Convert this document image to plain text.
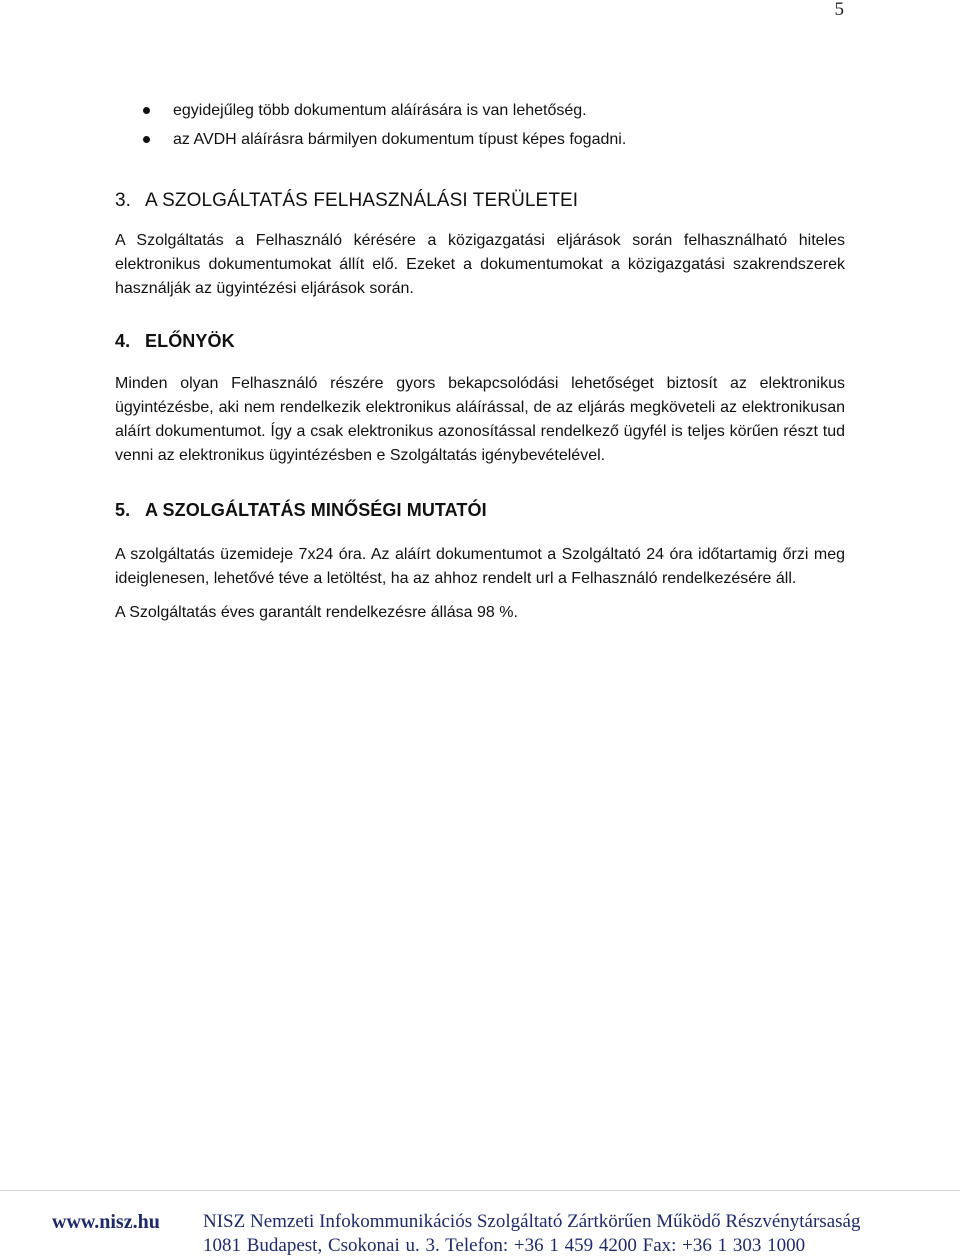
5
egyidejűleg több dokumentum aláírására is van lehetőség.
az AVDH aláírásra bármilyen dokumentum típust képes fogadni.
3. A SZOLGÁLTATÁS FELHASZNÁLÁSI TERÜLETEI

A Szolgáltatás a Felhasználó kérésére a közigazgatási eljárások során felhasználható hiteles elektronikus dokumentumokat állít elő. Ezeket a dokumentumokat a közigazgatási szakrendszerek használják az ügyintézési eljárások során.

4. ELŐNYÖK

Minden olyan Felhasználó részére gyors bekapcsolódási lehetőséget biztosít az elektronikus ügyintézésbe, aki nem rendelkezik elektronikus aláírással, de az eljárás megköveteli az elektronikusan aláírt dokumentumot. Így a csak elektronikus azonosítással rendelkező ügyfél is teljes körűen részt tud venni az elektronikus ügyintézésben e Szolgáltatás igénybevételével.

5. A SZOLGÁLTATÁS MINŐSÉGI MUTATÓI

A szolgáltatás üzemideje 7x24 óra. Az aláírt dokumentumot a Szolgáltató 24 óra időtartamig őrzi meg ideiglenesen, lehetővé téve a letöltést, ha az ahhoz rendelt url a Felhasználó rendelkezésére áll.

A Szolgáltatás éves garantált rendelkezésre állása 98 %.

www.nisz.hu NISZ Nemzeti Infokommunikációs Szolgáltató Zártkörűen Működő Részvénytársaság
1081 Budapest, Csokonai u. 3. Telefon: +36 1 459 4200 Fax: +36 1 303 1000
